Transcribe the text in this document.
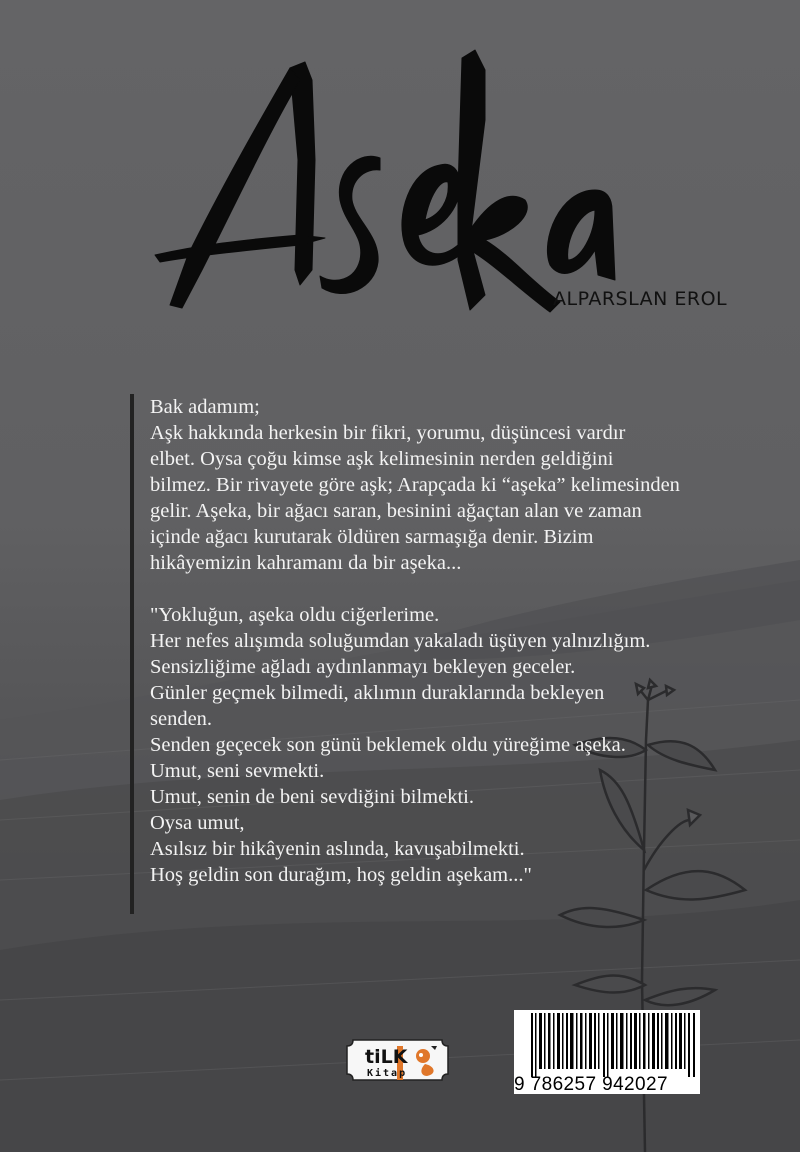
ALPARSLAN EROL

Bak adamım;

Aşk hakkında herkesin bir fikri, yorumu, düşüncesi vardır

elbet. Oysa çoğu kimse aşk kelimesinin nerden geldiğini

bilmez. Bir rivayete göre aşk; Arapçada ki “aşeka” kelimesinden

gelir. Aşeka, bir ağacı saran, besinini ağaçtan alan ve zaman

içinde ağacı kurutarak öldüren sarmaşığa denir. Bizim

hikâyemizin kahramanı da bir aşeka...

"Yokluğun, aşeka oldu ciğerlerime.

Her nefes alışımda soluğumdan yakaladı üşüyen yalnızlığım.

Sensizliğime ağladı aydınlanmayı bekleyen geceler.

Günler geçmek bilmedi, aklımın duraklarında bekleyen

senden.

Senden geçecek son günü beklemek oldu yüreğime aşeka.

Umut, seni sevmekti.

Umut, senin de beni sevdiğini bilmekti.

Oysa umut,

Asılsız bir hikâyenin aslında, kavuşabilmekti.

Hoş geldin son durağım, hoş geldin aşekam..."

tiLK
Kitap
9 786257 942027
